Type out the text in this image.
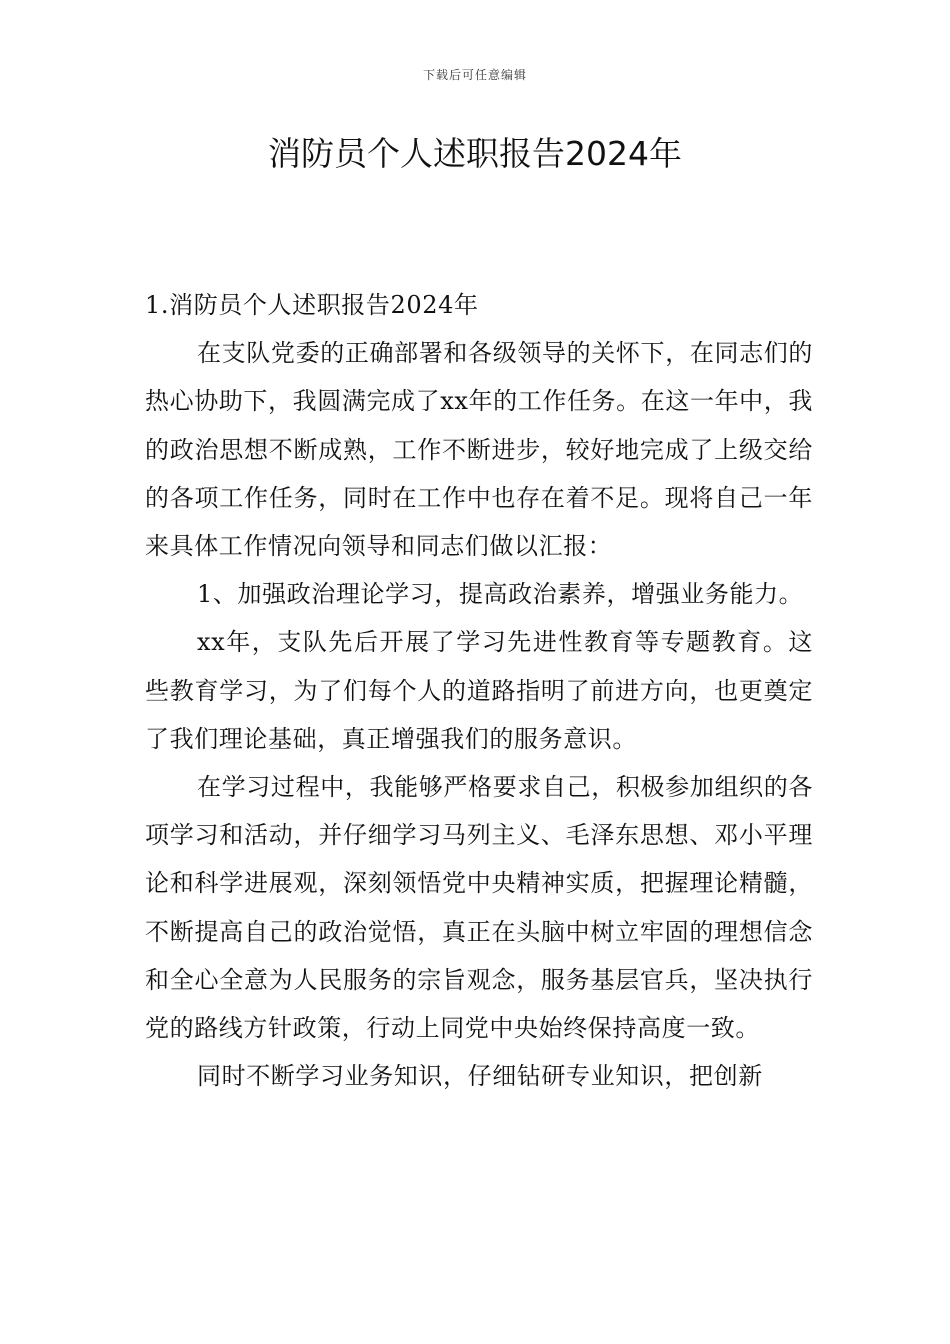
下载后可任意编辑
消防员个人述职报告2024年

1.消防员个人述职报告2024年

在支队党委的正确部署和各级领导的关怀下，在同志们的热心协助下，我圆满完成了xx年的工作任务。在这一年中，我的政治思想不断成熟，工作不断进步，较好地完成了上级交给的各项工作任务，同时在工作中也存在着不足。现将自己一年来具体工作情况向领导和同志们做以汇报：

1、加强政治理论学习，提高政治素养，增强业务能力。

xx年，支队先后开展了学习先进性教育等专题教育。这些教育学习，为了们每个人的道路指明了前进方向，也更奠定了我们理论基础，真正增强我们的服务意识。

在学习过程中，我能够严格要求自己，积极参加组织的各项学习和活动，并仔细学习马列主义、毛泽东思想、邓小平理论和科学进展观，深刻领悟党中央精神实质，把握理论精髓，不断提高自己的政治觉悟，真正在头脑中树立牢固的理想信念和全心全意为人民服务的宗旨观念，服务基层官兵，坚决执行党的路线方针政策，行动上同党中央始终保持高度一致。

同时不断学习业务知识，仔细钻研专业知识，把创新
